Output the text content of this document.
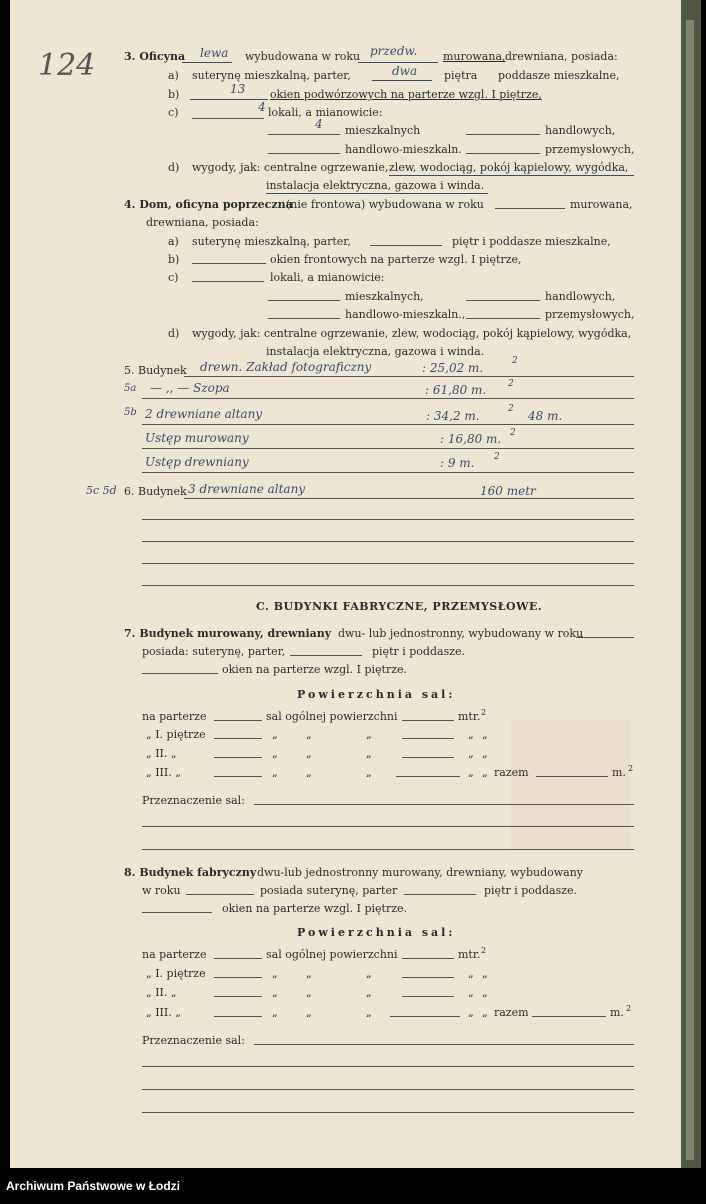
124	3. Oficyna lewa wybudowana w roku przedw. murowana, drewniana, posiada:
a) suterynę mieszkalną, parter,	dwa piętra poddasze mieszkalne,
b)	13 okien podwórzowych na parterze wzgl. I piętrze,
c)	4 lokali, a mianowicie:
4 mieszkalnych	handlowych,
handlowo-mieszkaln.	przemysłowych,
d) wygody, jak: centralne ogrzewanie, zlew, wodociąg, pokój kąpielowy, wygódka,
instalacja elektryczna, gazowa i winda.
4. Dom, oficyna poprzeczna
(nie frontowa) wybudowana w roku	murowana,
drewniana, posiada:
a) suterynę mieszkalną, parter,	piętr i poddasze mieszkalne,
b)	okien frontowych na parterze wzgl. I piętrze,
c)	lokali, a mianowicie:
mieszkalnych,	handlowych,
handlowo-mieszkaln.,	przemysłowych,
d) wygody, jak: centralne ogrzewanie, zlew, wodociąg, pokój kąpielowy, wygódka,
instalacja elektryczna, gazowa i winda.
5. Budynek drewn. Zakład fotograficzny	: 25,02 m.	2
5a — ,, — Szopa	: 61,80 m. 2
5b 2 drewniane altany	: 34,2 m.	2 48 m.
Ustęp murowany	: 16,80 m. 2
Ustęp drewniany	: 9 m. 2
5c 5d 6. Budynek 3 drewniane altany	160 metr
C. BUDYNKI FABRYCZNE, PRZEMYSŁOWE.
7. Budynek murowany, drewniany dwu- lub jednostronny, wybudowany w roku
posiada: suterynę, parter,	piętr i poddasze.
okien na parterze wzgl. I piętrze.
Powierzchnia sal:
na parterze	sal ogólnej powierzchni	mtr. 2
„ I. piętrze	„	„	„	„ „
„ II. „	„	„	„	„ „
„ III. „	„	„	„	„ „ razem	m. 2
Przeznaczenie sal:
8. Budynek fabryczny dwu-lub jednostronny murowany, drewniany, wybudowany
w roku	posiada suterynę, parter	piętr i poddasze.
okien na parterze wzgl. I piętrze.
Powierzchnia sal:
na parterze	sal ogólnej powierzchni	mtr. 2
„ I. piętrze	„	„	„	„ „
„ II. „	„	„	„	„ „
„ III. „	„	„	„	„ „ razem	m. 2
Przeznaczenie sal:
Archiwum Państwowe w Łodzi
